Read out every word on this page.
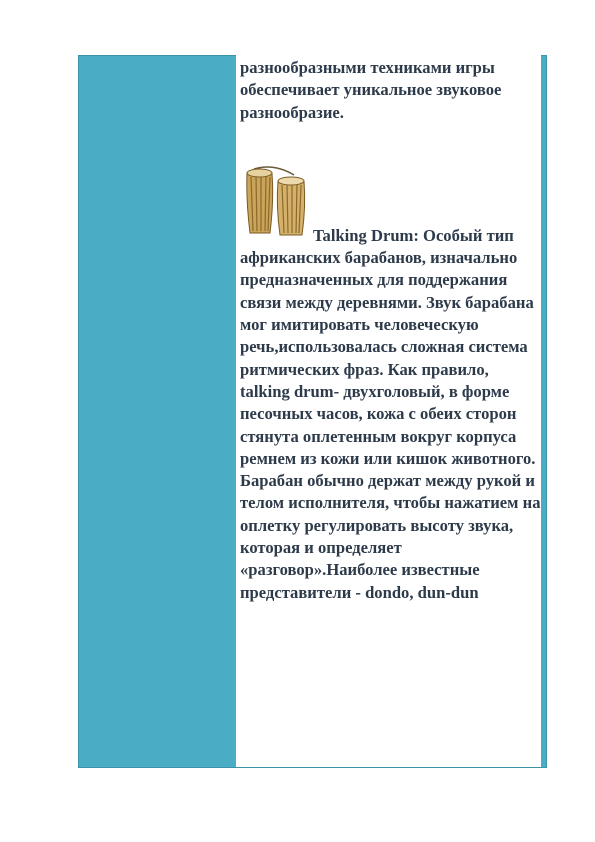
разнообразными техниками игры обеспечивает уникальное звуковое разнообразие.

Talking Drum: Особый тип африканских барабанов, изначально предназначенных для поддержания связи между деревнями. Звук барабана мог имитировать человеческую речь,использовалась сложная система ритмических фраз. Как правило, talking drum- двухголовый, в форме песочных часов, кожа с обеих сторон стянута оплетенным вокруг корпуса ремнем из кожи или кишок животного. Барабан обычно держат между рукой и телом исполнителя, чтобы нажатием на оплетку регулировать высоту звука, которая и определяет «разговор».Наиболее известные представители - dondo, dun-dun
